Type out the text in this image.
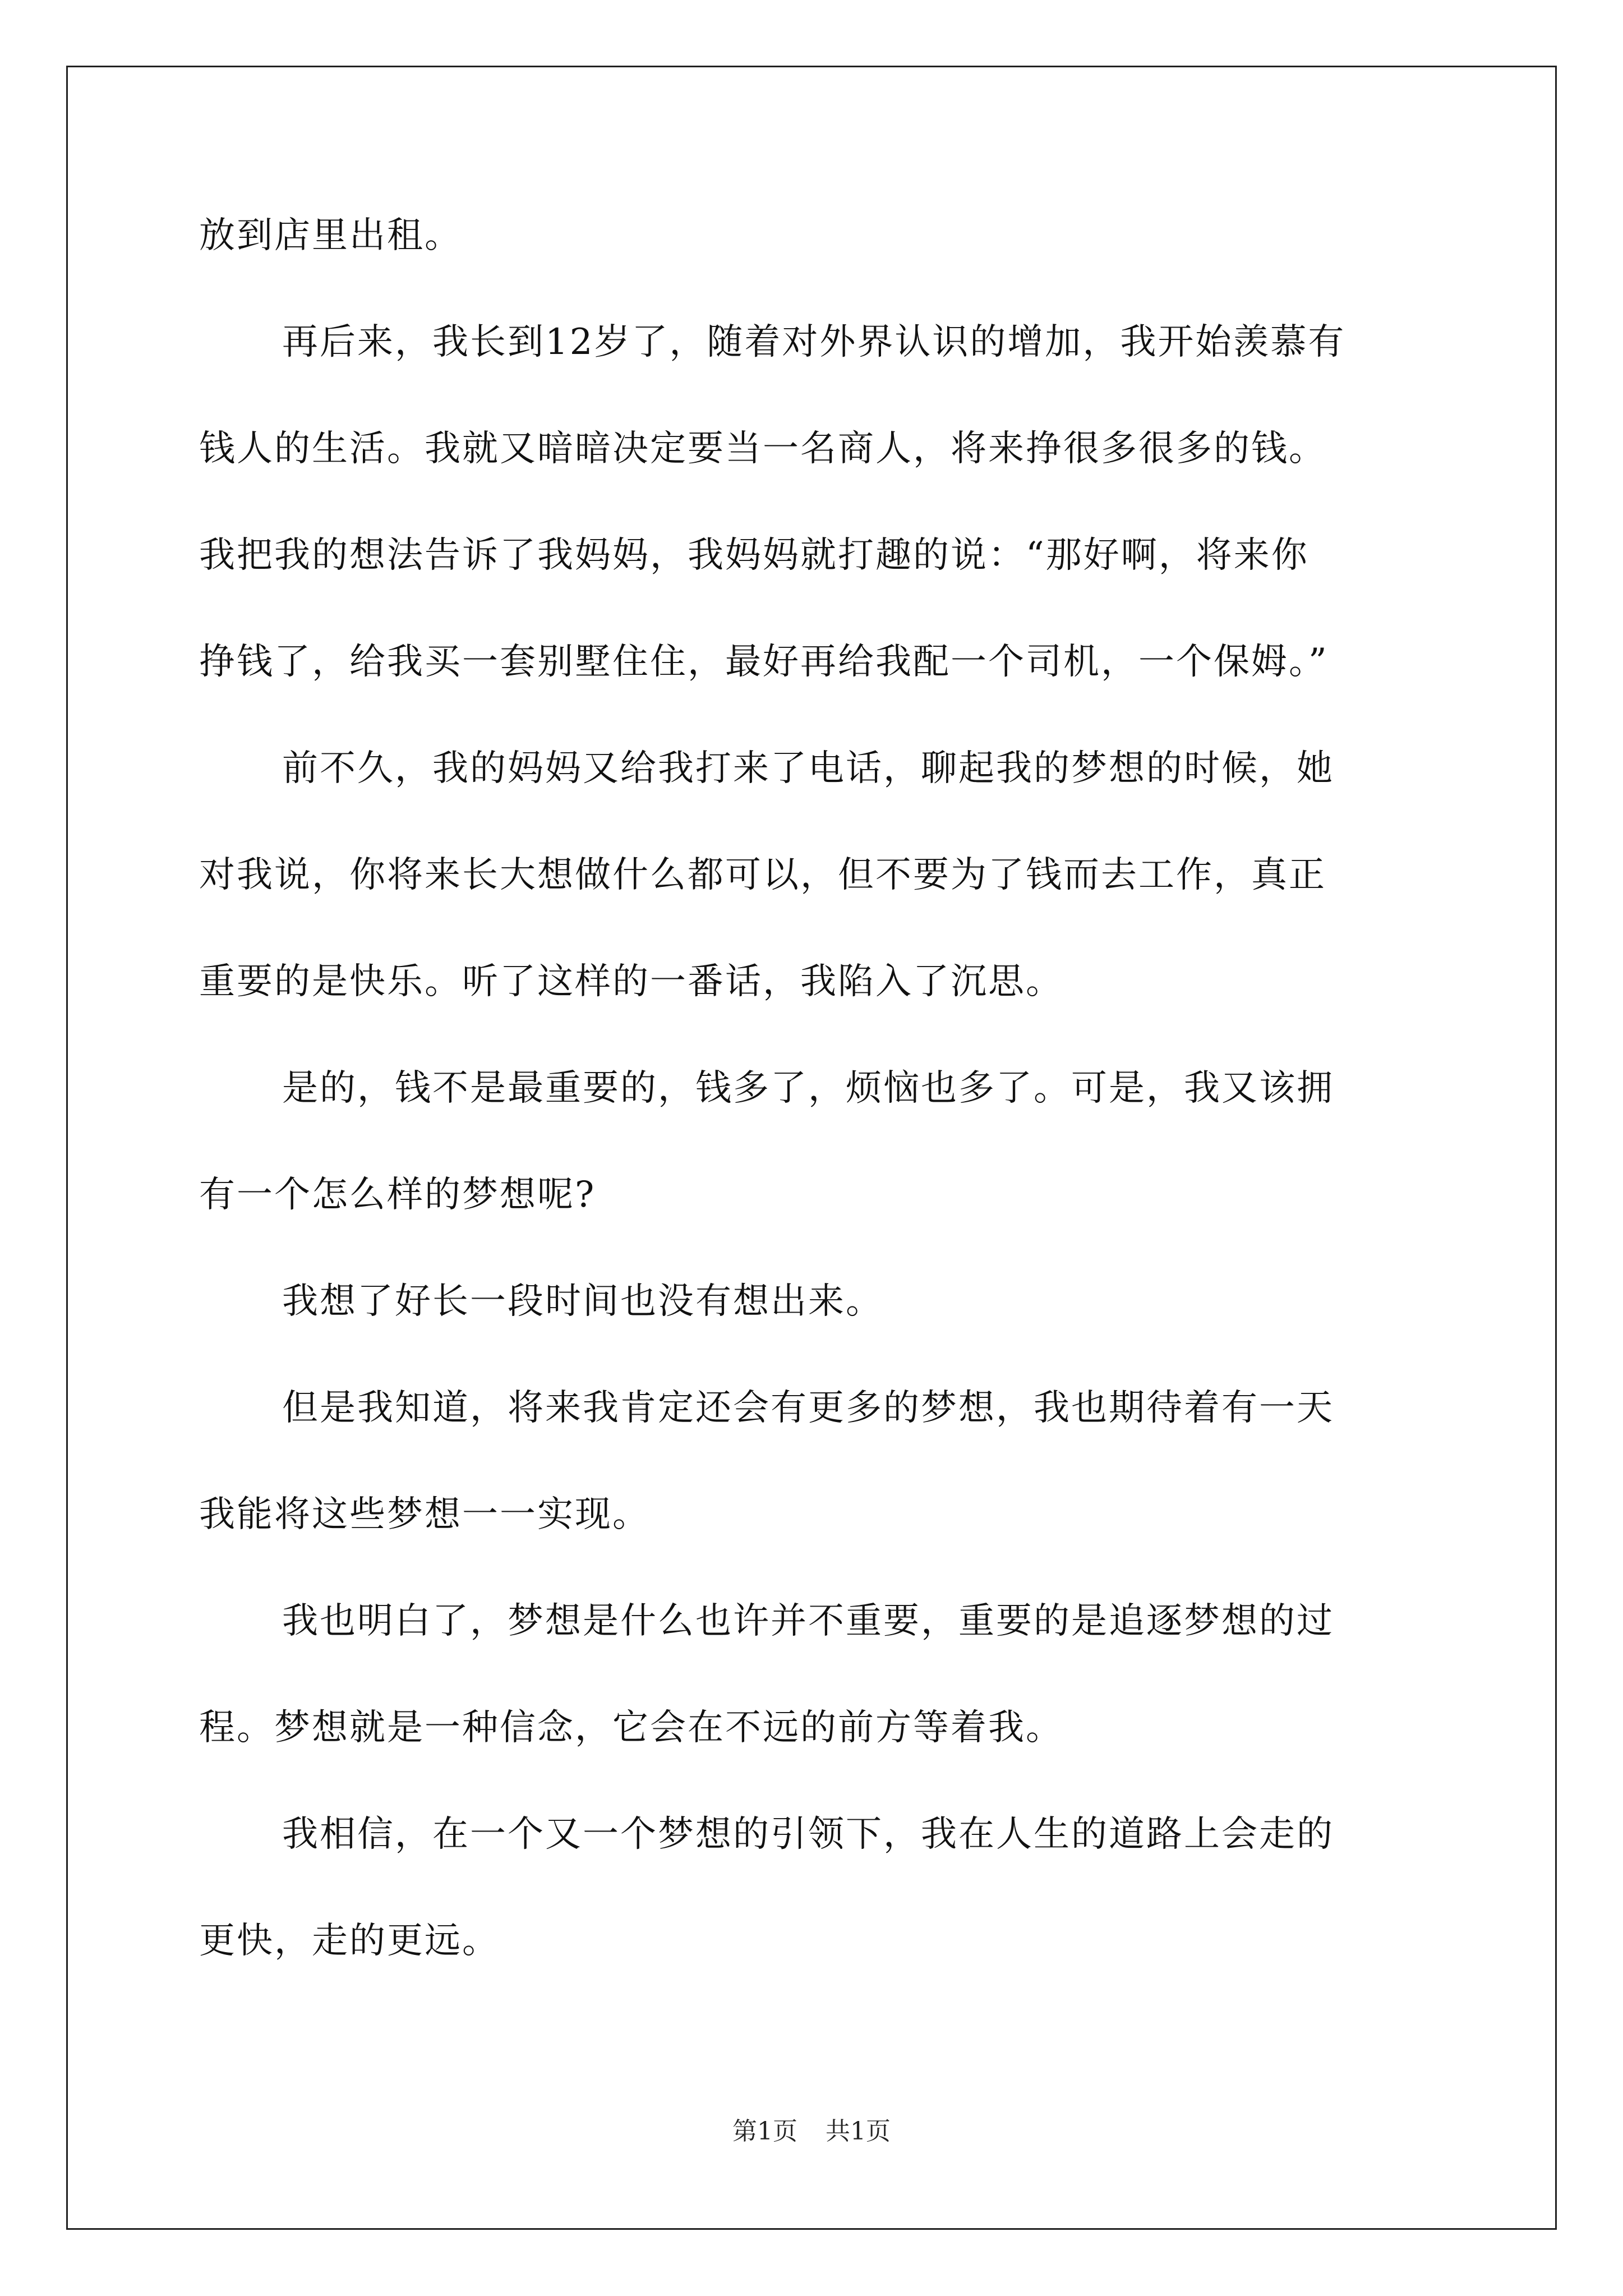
放到店里出租。
再后来，我长到12岁了，随着对外界认识的增加，我开始羡慕有
钱人的生活。我就又暗暗决定要当一名商人，将来挣很多很多的钱。
我把我的想法告诉了我妈妈，我妈妈就打趣的说：“那好啊，将来你
挣钱了，给我买一套别墅住住，最好再给我配一个司机，一个保姆。”
前不久，我的妈妈又给我打来了电话，聊起我的梦想的时候，她
对我说，你将来长大想做什么都可以，但不要为了钱而去工作，真正
重要的是快乐。听了这样的一番话，我陷入了沉思。
是的，钱不是最重要的，钱多了，烦恼也多了。可是，我又该拥
有一个怎么样的梦想呢?
我想了好长一段时间也没有想出来。
但是我知道，将来我肯定还会有更多的梦想，我也期待着有一天
我能将这些梦想一一实现。
我也明白了，梦想是什么也许并不重要，重要的是追逐梦想的过
程。梦想就是一种信念，它会在不远的前方等着我。
我相信，在一个又一个梦想的引领下，我在人生的道路上会走的
更快，走的更远。
第1页 共1页
